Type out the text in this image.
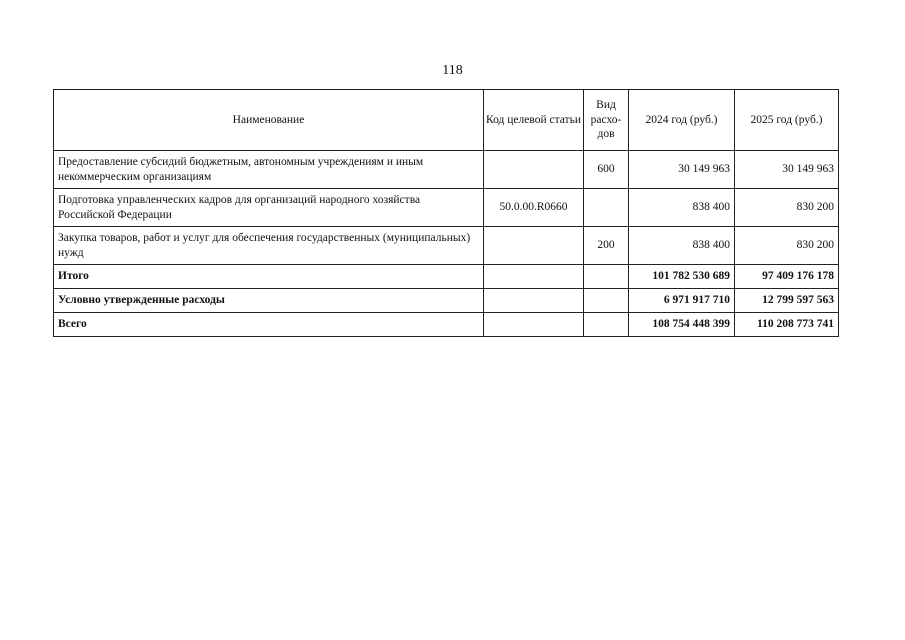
118
Наименование	Код целевой статьи	Вид расхо-дов	2024 год (руб.)	2025 год (руб.)
Предоставление субсидий бюджетным, автономным учреждениям и иным некоммерческим организациям		600	30 149 963	30 149 963
Подготовка управленческих кадров для организаций народного хозяйства Российской Федерации	50.0.00.R0660		838 400	830 200
Закупка товаров, работ и услуг для обеспечения государственных (муниципальных) нужд		200	838 400	830 200
Итого			101 782 530 689	97 409 176 178
Условно утвержденные расходы			6 971 917 710	12 799 597 563
Всего			108 754 448 399	110 208 773 741
